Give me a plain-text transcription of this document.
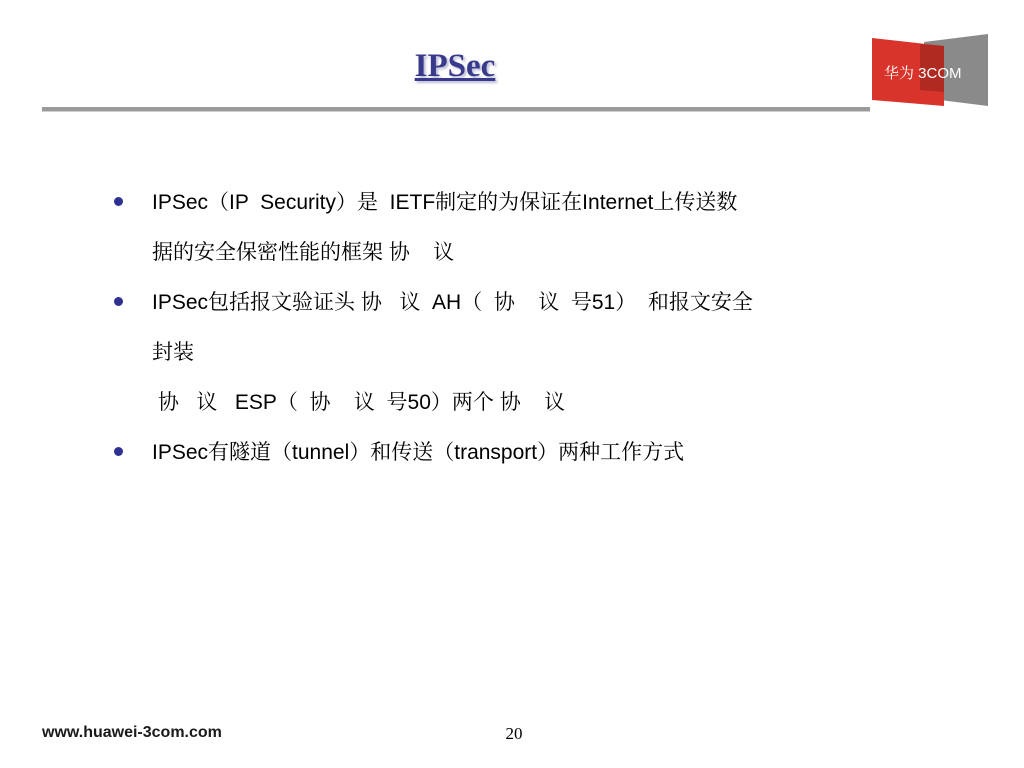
IPSec	华为 3COM
IPSec（IP  Security）是  IETF制定的为保证在Internet上传送数
据的安全保密性能的框架 协    议
IPSec包括报文验证头 协   议  AH（  协    议  号51）  和报文安全
封装
协   议   ESP（  协    议  号50）两个 协    议
IPSec有隧道（tunnel）和传送（transport）两种工作方式
www.huawei-3com.com	20
